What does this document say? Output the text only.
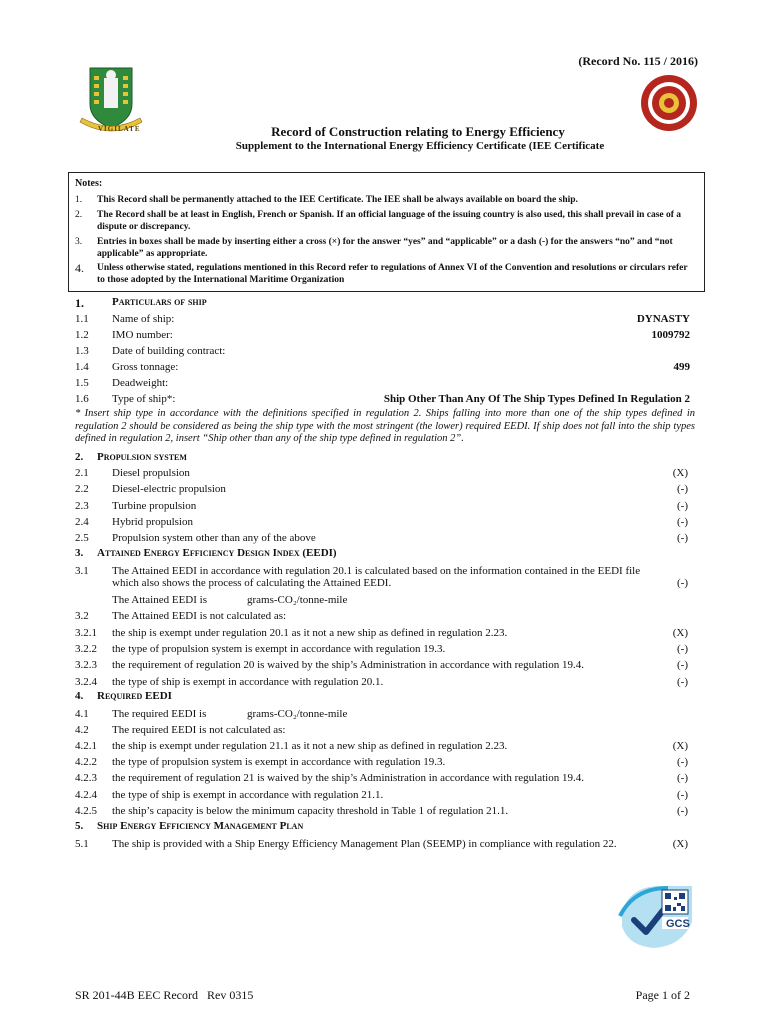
(Record No. 115 / 2016)
VIGILATE	Record of Construction relating to Energy Efficiency
Supplement to the International Energy Efficiency Certificate (IEE Certificate
Notes:
1. This Record shall be permanently attached to the IEE Certificate. The IEE shall be always available on board the ship.
2. The Record shall be at least in English, French or Spanish. If an official language of the issuing country is also used, this shall prevail in case of a dispute or discrepancy.
3. Entries in boxes shall be made by inserting either a cross (×) for the answer “yes” and “applicable” or a dash (-) for the answers “no” and “not applicable” as appropriate.
4. Unless otherwise stated, regulations mentioned in this Record refer to regulations of Annex VI of the Convention and resolutions or circulars refer to those adopted by the International Maritime Organization
1.	Particulars of ship
1.1 Name of ship:	DYNASTY
1.2 IMO number:	1009792
1.3 Date of building contract:
1.4 Gross tonnage:	499
1.5 Deadweight:
1.6 Type of ship*:	Ship Other Than Any Of The Ship Types Defined In Regulation 2
* Insert ship type in accordance with the definitions specified in regulation 2. Ships falling into more than one of the ship types defined in regulation 2 should be considered as being the ship type with the most stringent (the lower) required EEDI. If ship does not fall into the ship types defined in regulation 2, insert “Ship other than any of the ship type defined in regulation 2”.
2. Propulsion system
2.1 Diesel propulsion	(X)
2.2 Diesel-electric propulsion	(-)
2.3 Turbine propulsion	(-)
2.4 Hybrid propulsion	(-)
2.5 Propulsion system other than any of the above	(-)
3. Attained Energy Efficiency Design Index (EEDI)
3.1 The Attained EEDI in accordance with regulation 20.1 is calculated based on the information contained in the EEDI file
which also shows the process of calculating the Attained EEDI.	(-)
The Attained EEDI is	grams-CO₂/tonne-mile
3.2 The Attained EEDI is not calculated as:
3.2.1 the ship is exempt under regulation 20.1 as it not a new ship as defined in regulation 2.23.	(X)
3.2.2 the type of propulsion system is exempt in accordance with regulation 19.3.	(-)
3.2.3 the requirement of regulation 20 is waived by the ship’s Administration in accordance with regulation 19.4.	(-)
3.2.4 the type of ship is exempt in accordance with regulation 20.1.	(-)
4. Required EEDI
4.1 The required EEDI is	grams-CO₂/tonne-mile
4.2 The required EEDI is not calculated as:
4.2.1 the ship is exempt under regulation 21.1 as it not a new ship as defined in regulation 2.23.	(X)
4.2.2 the type of propulsion system is exempt in accordance with regulation 19.3.	(-)
4.2.3 the requirement of regulation 21 is waived by the ship’s Administration in accordance with regulation 19.4.	(-)
4.2.4 the type of ship is exempt in accordance with regulation 21.1.	(-)
4.2.5 the ship’s capacity is below the minimum capacity threshold in Table 1 of regulation 21.1.	(-)
5. Ship Energy Efficiency Management Plan
5.1 The ship is provided with a Ship Energy Efficiency Management Plan (SEEMP) in compliance with regulation 22.	(X)
GCS
SR 201-44B EEC Record   Rev 0315	Page 1 of 2
